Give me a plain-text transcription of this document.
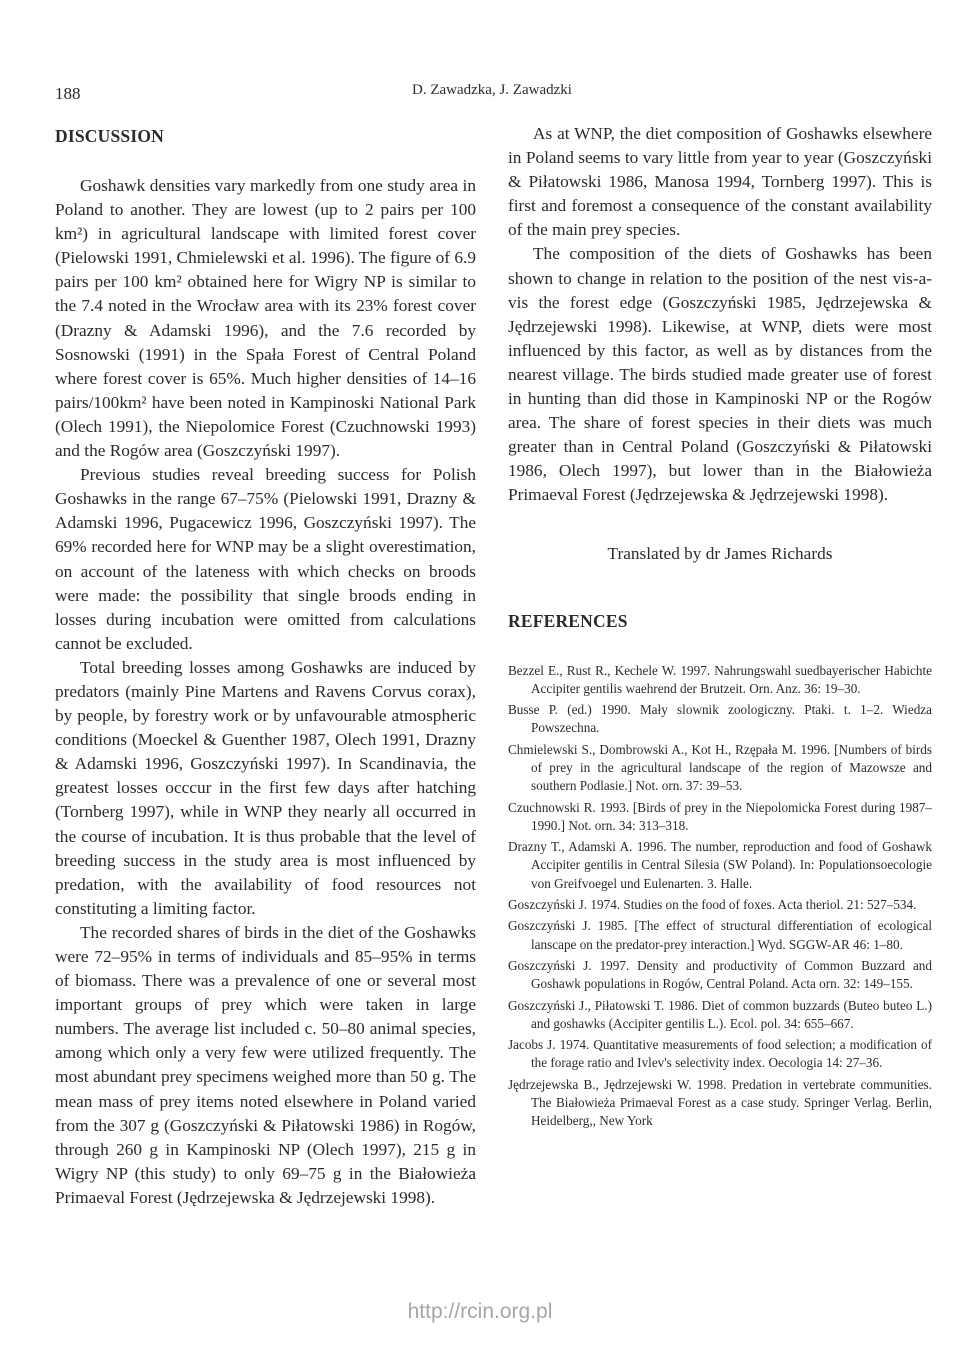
188	D. Zawadzka, J. Zawadzki
DISCUSSION

Goshawk densities vary markedly from one study area in Poland to another. They are lowest (up to 2 pairs per 100 km²) in agricultural landscape with limited forest cover (Pielowski 1991, Chmielewski et al. 1996). The figure of 6.9 pairs per 100 km² obtained here for Wigry NP is similar to the 7.4 noted in the Wrocław area with its 23% forest cover (Drazny & Adamski 1996), and the 7.6 recorded by Sosnowski (1991) in the Spała Forest of Central Poland where forest cover is 65%. Much higher densities of 14–16 pairs/100km² have been noted in Kampinoski National Park (Olech 1991), the Niepolomice Forest (Czuchnowski 1993) and the Rogów area (Goszczyński 1997).

Previous studies reveal breeding success for Polish Goshawks in the range 67–75% (Pielowski 1991, Drazny & Adamski 1996, Pugacewicz 1996, Goszczyński 1997). The 69% recorded here for WNP may be a slight overestimation, on account of the lateness with which checks on broods were made: the possibility that single broods ending in losses during incubation were omitted from calculations cannot be excluded.

Total breeding losses among Goshawks are induced by predators (mainly Pine Martens and Ravens Corvus corax), by people, by forestry work or by unfavourable atmospheric conditions (Moeckel & Guenther 1987, Olech 1991, Drazny & Adamski 1996, Goszczyński 1997). In Scandinavia, the greatest losses occcur in the first few days after hatching (Tornberg 1997), while in WNP they nearly all occurred in the course of incubation. It is thus probable that the level of breeding success in the study area is most influenced by predation, with the availability of food resources not constituting a limiting factor.

The recorded shares of birds in the diet of the Goshawks were 72–95% in terms of individuals and 85–95% in terms of biomass. There was a prevalence of one or several most important groups of prey which were taken in large numbers. The average list included c. 50–80 animal species, among which only a very few were utilized frequently. The most abundant prey specimens weighed more than 50 g. The mean mass of prey items noted elsewhere in Poland varied from the 307 g (Goszczyński & Piłatowski 1986) in Rogów, through 260 g in Kampinoski NP (Olech 1997), 215 g in Wigry NP (this study) to only 69–75 g in the Białowieża Primaeval Forest (Jędrzejewska & Jędrzejewski 1998).

As at WNP, the diet composition of Goshawks elsewhere in Poland seems to vary little from year to year (Goszczyński & Piłatowski 1986, Manosa 1994, Tornberg 1997). This is first and foremost a consequence of the constant availability of the main prey species.

The composition of the diets of Goshawks has been shown to change in relation to the position of the nest vis-a-vis the forest edge (Goszczyński 1985, Jędrzejewska & Jędrzejewski 1998). Likewise, at WNP, diets were most influenced by this factor, as well as by distances from the nearest village. The birds studied made greater use of forest in hunting than did those in Kampinoski NP or the Rogów area. The share of forest species in their diets was much greater than in Central Poland (Goszczyński & Piłatowski 1986, Olech 1997), but lower than in the Białowieża Primaeval Forest (Jędrzejewska & Jędrzejewski 1998).

Translated by dr James Richards
REFERENCES

Bezzel E., Rust R., Kechele W. 1997. Nahrungswahl suedbayerischer Habichte Accipiter gentilis waehrend der Brutzeit. Orn. Anz. 36: 19–30.

Busse P. (ed.) 1990. Mały slownik zoologiczny. Ptaki. t. 1–2. Wiedza Powszechna.

Chmielewski S., Dombrowski A., Kot H., Rzępała M. 1996. [Numbers of birds of prey in the agricultural landscape of the region of Mazowsze and southern Podlasie.] Not. orn. 37: 39–53.

Czuchnowski R. 1993. [Birds of prey in the Niepolomicka Forest during 1987–1990.] Not. orn. 34: 313–318.

Drazny T., Adamski A. 1996. The number, reproduction and food of Goshawk Accipiter gentilis in Central Silesia (SW Poland). In: Populationsoecologie von Greifvoegel und Eulenarten. 3. Halle.

Goszczyński J. 1974. Studies on the food of foxes. Acta theriol. 21: 527–534.

Goszczyński J. 1985. [The effect of structural differentiation of ecological lanscape on the predator-prey interaction.] Wyd. SGGW-AR 46: 1–80.

Goszczyński J. 1997. Density and productivity of Common Buzzard and Goshawk populations in Rogów, Central Poland. Acta orn. 32: 149–155.

Goszczyński J., Piłatowski T. 1986. Diet of common buzzards (Buteo buteo L.) and goshawks (Accipiter gentilis L.). Ecol. pol. 34: 655–667.

Jacobs J. 1974. Quantitative measurements of food selection; a modification of the forage ratio and Ivlev's selectivity index. Oecologia 14: 27–36.

Jędrzejewska B., Jędrzejewski W. 1998. Predation in vertebrate communities. The Białowieża Primaeval Forest as a case study. Springer Verlag. Berlin, Heidelberg,, New York

http://rcin.org.pl
